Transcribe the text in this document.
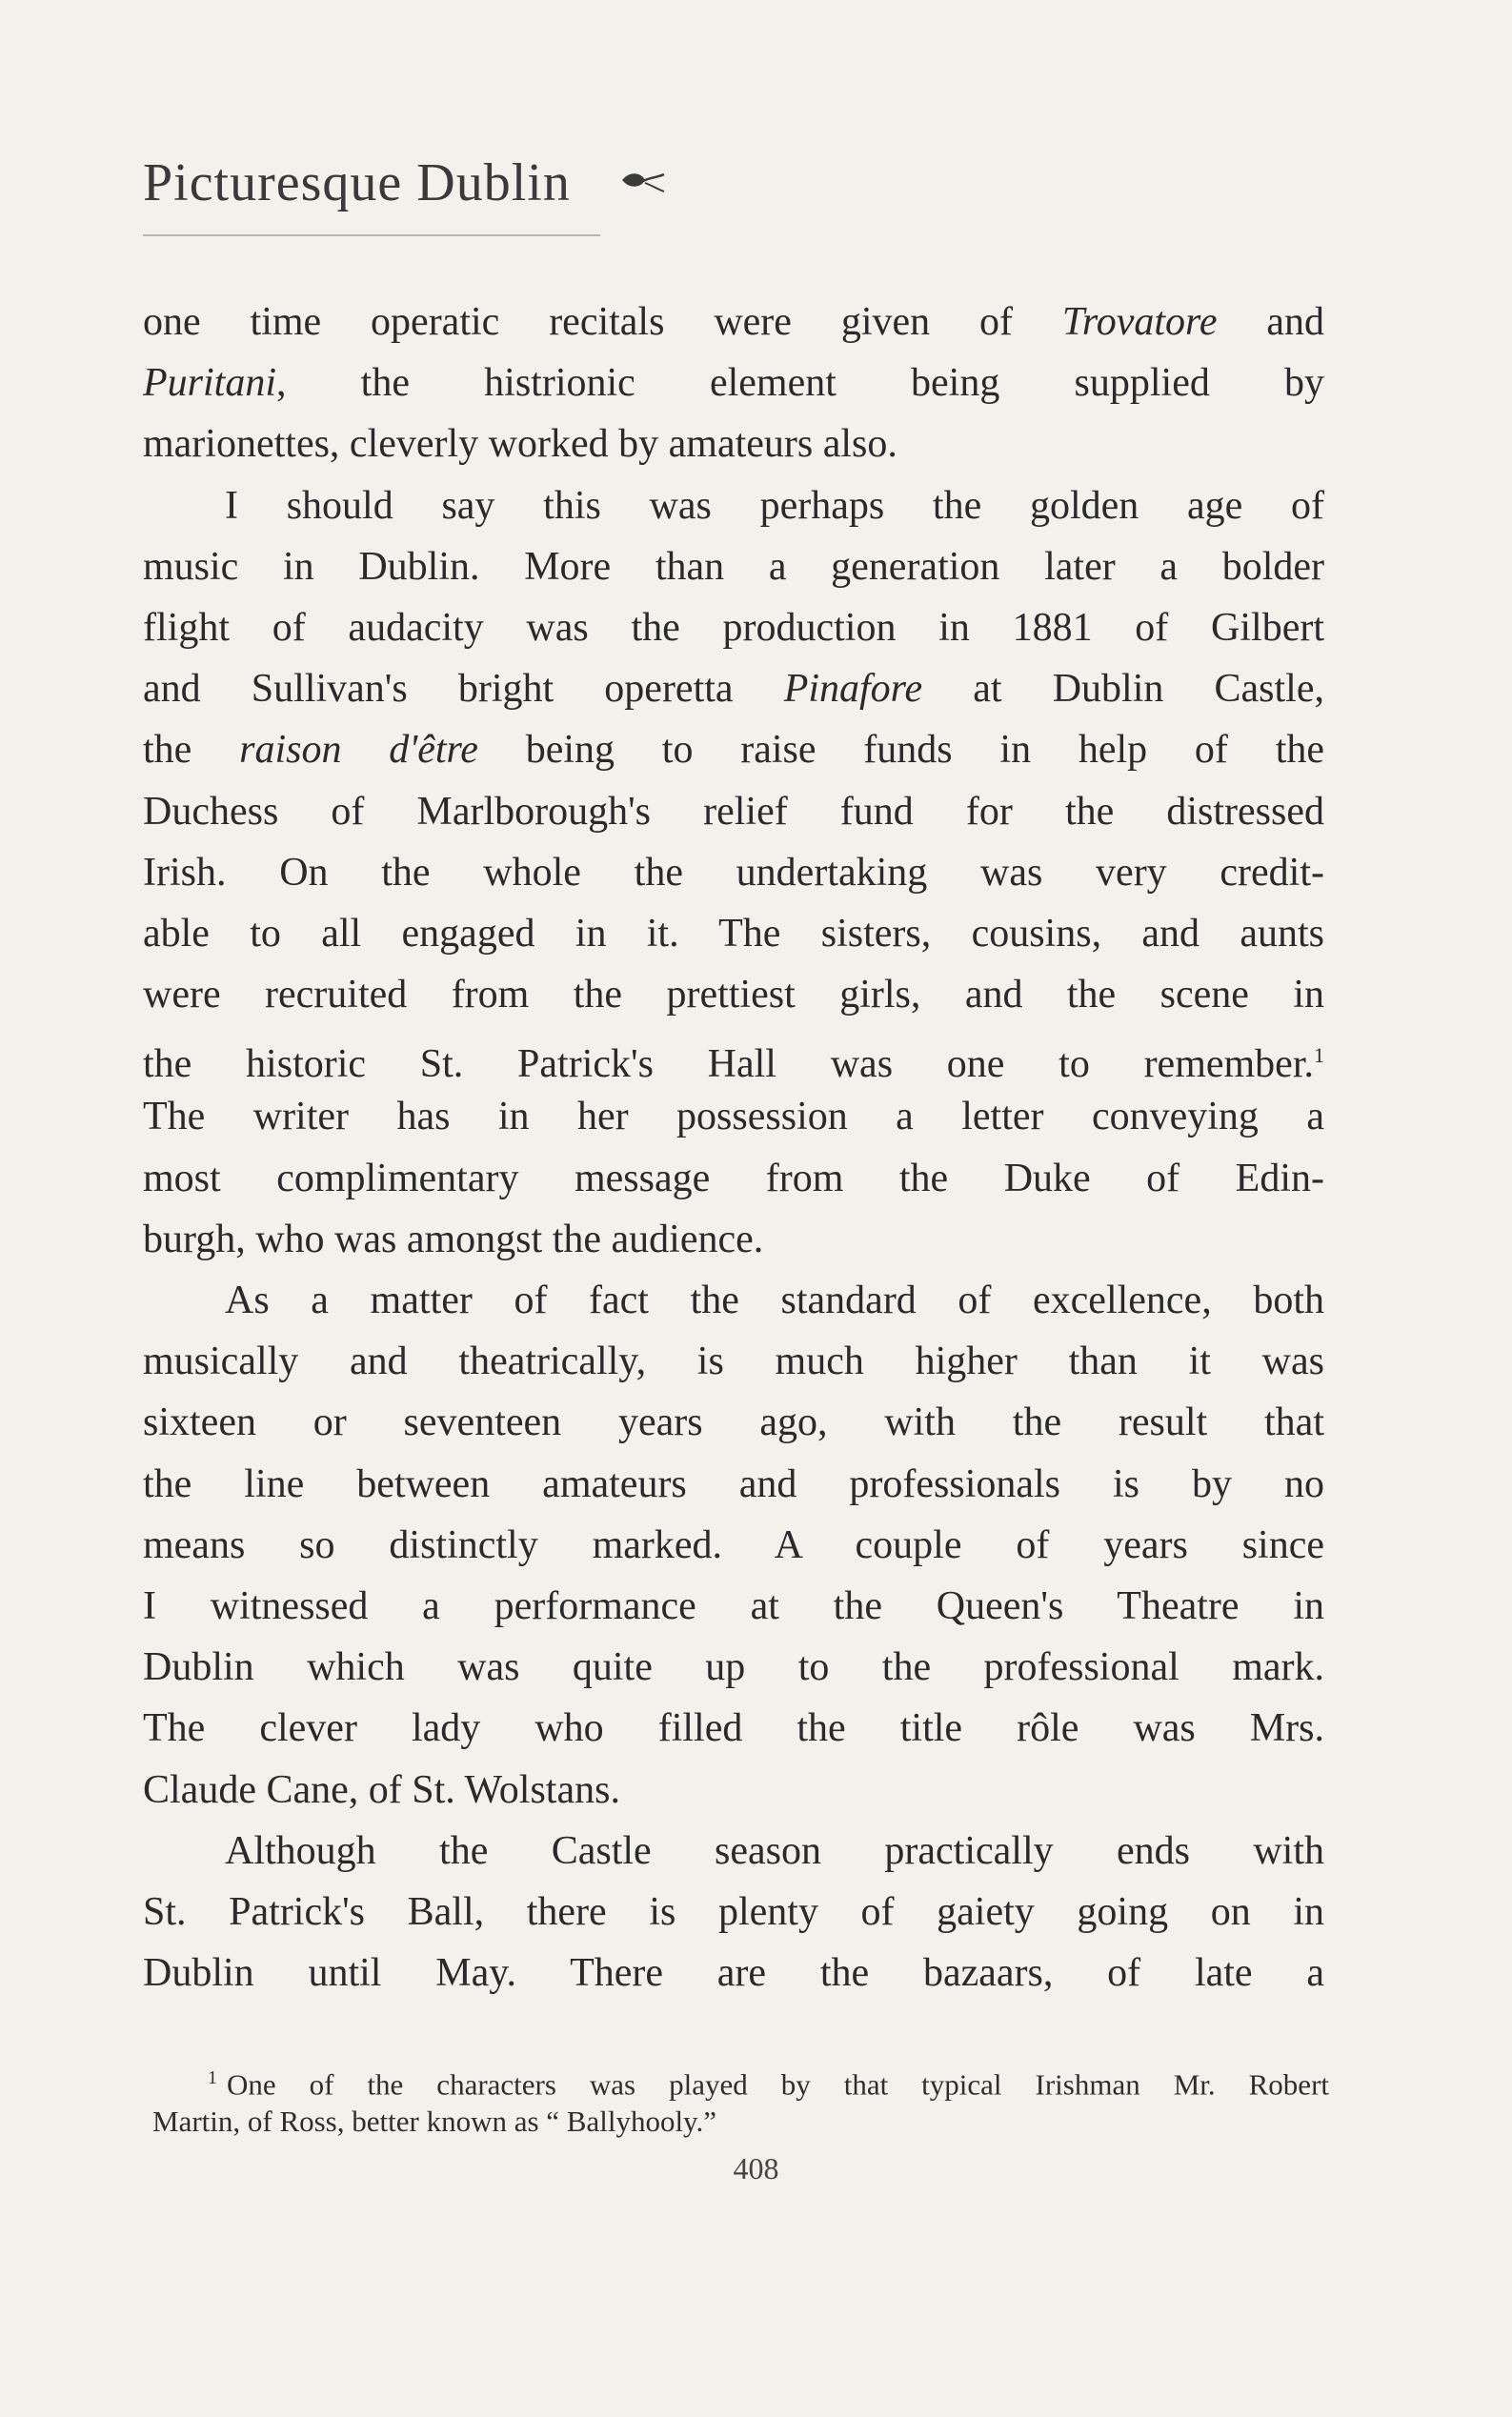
Picturesque Dublin
one time operatic recitals were given of Trovatore and
Puritani, the histrionic element being supplied by
marionettes, cleverly worked by amateurs also.
I should say this was perhaps the golden age of
music in Dublin. More than a generation later a bolder
flight of audacity was the production in 1881 of Gilbert
and Sullivan's bright operetta Pinafore at Dublin Castle,
the raison d'être being to raise funds in help of the
Duchess of Marlborough's relief fund for the distressed
Irish. On the whole the undertaking was very credit-
able to all engaged in it. The sisters, cousins, and aunts
were recruited from the prettiest girls, and the scene in
the historic St. Patrick's Hall was one to remember.$^1$
The writer has in her possession a letter conveying a
most complimentary message from the Duke of Edin-
burgh, who was amongst the audience.
As a matter of fact the standard of excellence, both
musically and theatrically, is much higher than it was
sixteen or seventeen years ago, with the result that
the line between amateurs and professionals is by no
means so distinctly marked. A couple of years since
I witnessed a performance at the Queen's Theatre in
Dublin which was quite up to the professional mark.
The clever lady who filled the title rôle was Mrs.
Claude Cane, of St. Wolstans.
Although the Castle season practically ends with
St. Patrick's Ball, there is plenty of gaiety going on in
Dublin until May. There are the bazaars, of late a
$^1$ One of the characters was played by that typical Irishman Mr. Robert
Martin, of Ross, better known as “ Ballyhooly.”
408
